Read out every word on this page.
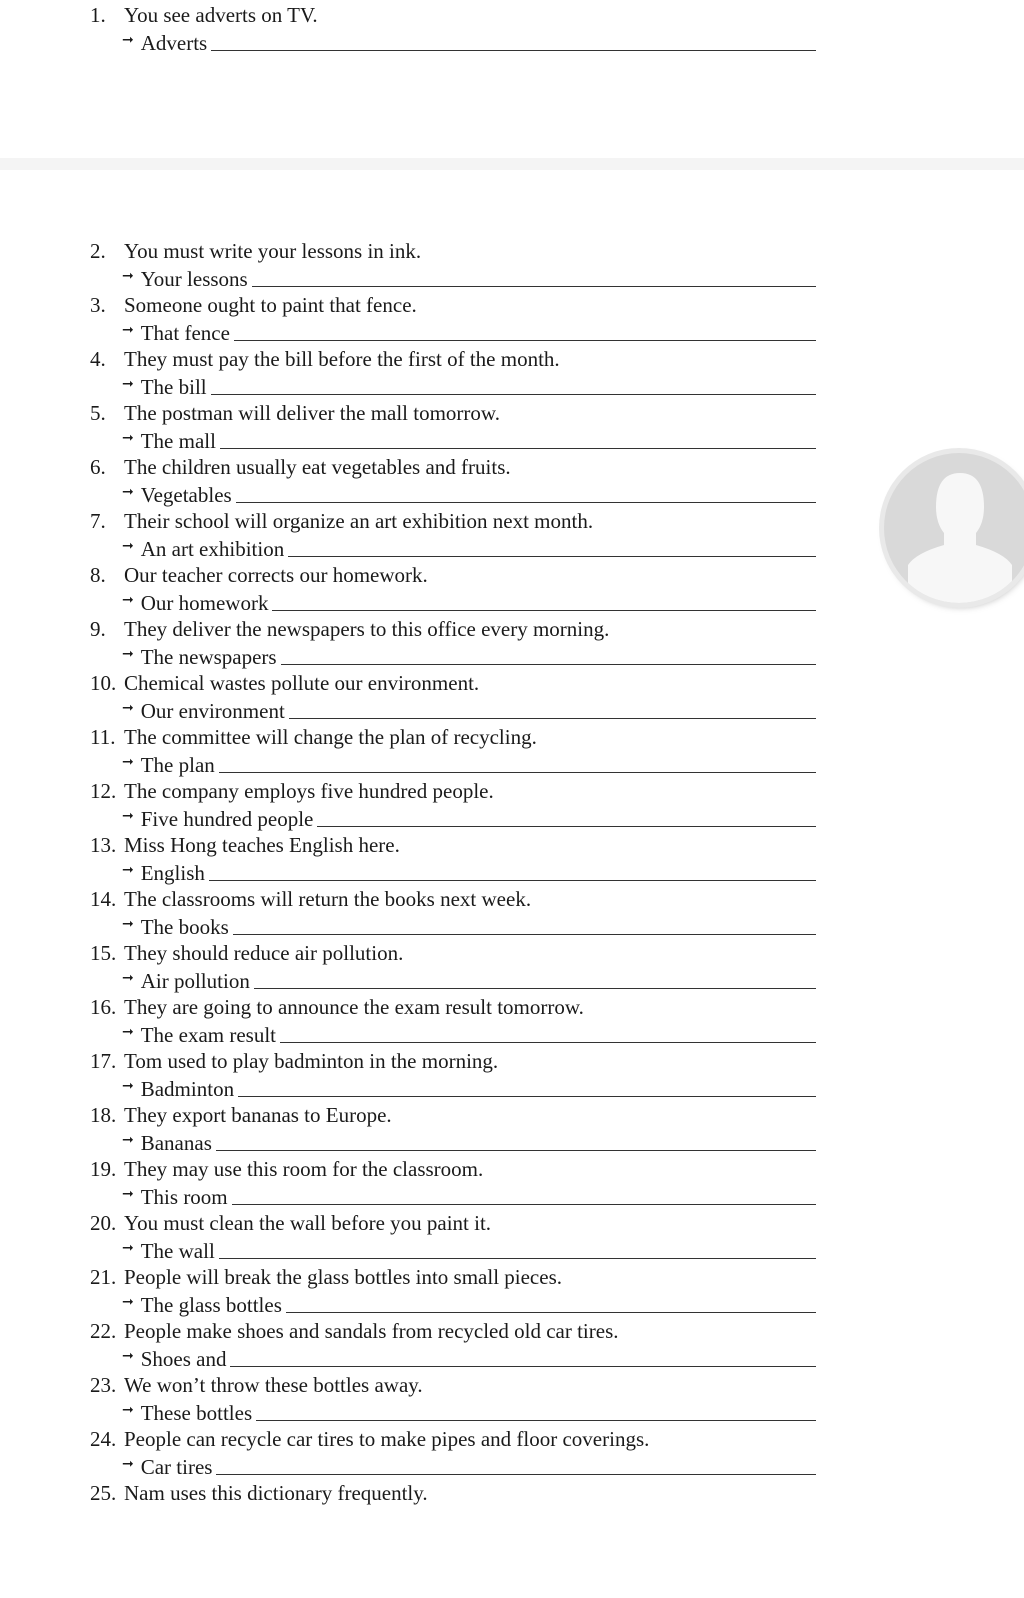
1. You see adverts on TV.
➞ Adverts
2. You must write your lessons in ink.
➞ Your lessons
3. Someone ought to paint that fence.
➞ That fence
4. They must pay the bill before the first of the month.
➞ The bill
5. The postman will deliver the mall tomorrow.
➞ The mall
6. The children usually eat vegetables and fruits.
➞ Vegetables
7. Their school will organize an art exhibition next month.
➞ An art exhibition
8. Our teacher corrects our homework.
➞ Our homework
9. They deliver the newspapers to this office every morning.
➞ The newspapers
10. Chemical wastes pollute our environment.
➞ Our environment
11. The committee will change the plan of recycling.
➞ The plan
12. The company employs five hundred people.
➞ Five hundred people
13. Miss Hong teaches English here.
➞ English
14. The classrooms will return the books next week.
➞ The books
15. They should reduce air pollution.
➞ Air pollution
16. They are going to announce the exam result tomorrow.
➞ The exam result
17. Tom used to play badminton in the morning.
➞ Badminton
18. They export bananas to Europe.
➞ Bananas
19. They may use this room for the classroom.
➞ This room
20. You must clean the wall before you paint it.
➞ The wall
21. People will break the glass bottles into small pieces.
➞ The glass bottles
22. People make shoes and sandals from recycled old car tires.
➞ Shoes and
23. We won’t throw these bottles away.
➞ These bottles
24. People can recycle car tires to make pipes and floor coverings.
➞ Car tires
25. Nam uses this dictionary frequently.
